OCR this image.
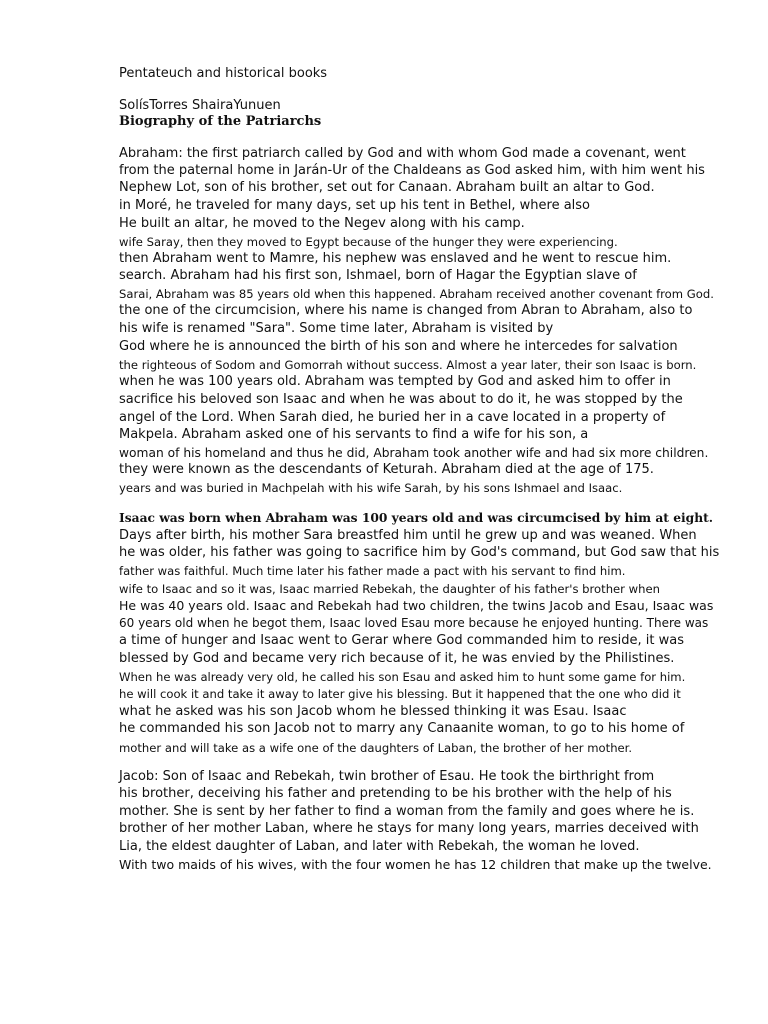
Pentateuch and historical books
SolísTorres ShairaYunuen
Biography of the Patriarchs
Abraham: the first patriarch called by God and with whom God made a covenant, went
from the paternal home in Jarán-Ur of the Chaldeans as God asked him, with him went his
Nephew Lot, son of his brother, set out for Canaan. Abraham built an altar to God.
in Moré, he traveled for many days, set up his tent in Bethel, where also
He built an altar, he moved to the Negev along with his camp.
wife Saray, then they moved to Egypt because of the hunger they were experiencing.
then Abraham went to Mamre, his nephew was enslaved and he went to rescue him.
search. Abraham had his first son, Ishmael, born of Hagar the Egyptian slave of
Sarai, Abraham was 85 years old when this happened. Abraham received another covenant from God.
the one of the circumcision, where his name is changed from Abran to Abraham, also to
his wife is renamed "Sara". Some time later, Abraham is visited by
God where he is announced the birth of his son and where he intercedes for salvation
the righteous of Sodom and Gomorrah without success. Almost a year later, their son Isaac is born.
when he was 100 years old. Abraham was tempted by God and asked him to offer in
sacrifice his beloved son Isaac and when he was about to do it, he was stopped by the
angel of the Lord. When Sarah died, he buried her in a cave located in a property of
Makpela. Abraham asked one of his servants to find a wife for his son, a
woman of his homeland and thus he did, Abraham took another wife and had six more children.
they were known as the descendants of Keturah. Abraham died at the age of 175.
years and was buried in Machpelah with his wife Sarah, by his sons Ishmael and Isaac.
Isaac was born when Abraham was 100 years old and was circumcised by him at eight.
Days after birth, his mother Sara breastfed him until he grew up and was weaned. When
he was older, his father was going to sacrifice him by God's command, but God saw that his
father was faithful. Much time later his father made a pact with his servant to find him.
wife to Isaac and so it was, Isaac married Rebekah, the daughter of his father's brother when
He was 40 years old. Isaac and Rebekah had two children, the twins Jacob and Esau, Isaac was
60 years old when he begot them, Isaac loved Esau more because he enjoyed hunting. There was
a time of hunger and Isaac went to Gerar where God commanded him to reside, it was
blessed by God and became very rich because of it, he was envied by the Philistines.
When he was already very old, he called his son Esau and asked him to hunt some game for him.
he will cook it and take it away to later give his blessing. But it happened that the one who did it
what he asked was his son Jacob whom he blessed thinking it was Esau. Isaac
he commanded his son Jacob not to marry any Canaanite woman, to go to his home of
mother and will take as a wife one of the daughters of Laban, the brother of her mother.
Jacob: Son of Isaac and Rebekah, twin brother of Esau. He took the birthright from
his brother, deceiving his father and pretending to be his brother with the help of his
mother. She is sent by her father to find a woman from the family and goes where he is.
brother of her mother Laban, where he stays for many long years, marries deceived with
Lia, the eldest daughter of Laban, and later with Rebekah, the woman he loved.
With two maids of his wives, with the four women he has 12 children that make up the twelve.
